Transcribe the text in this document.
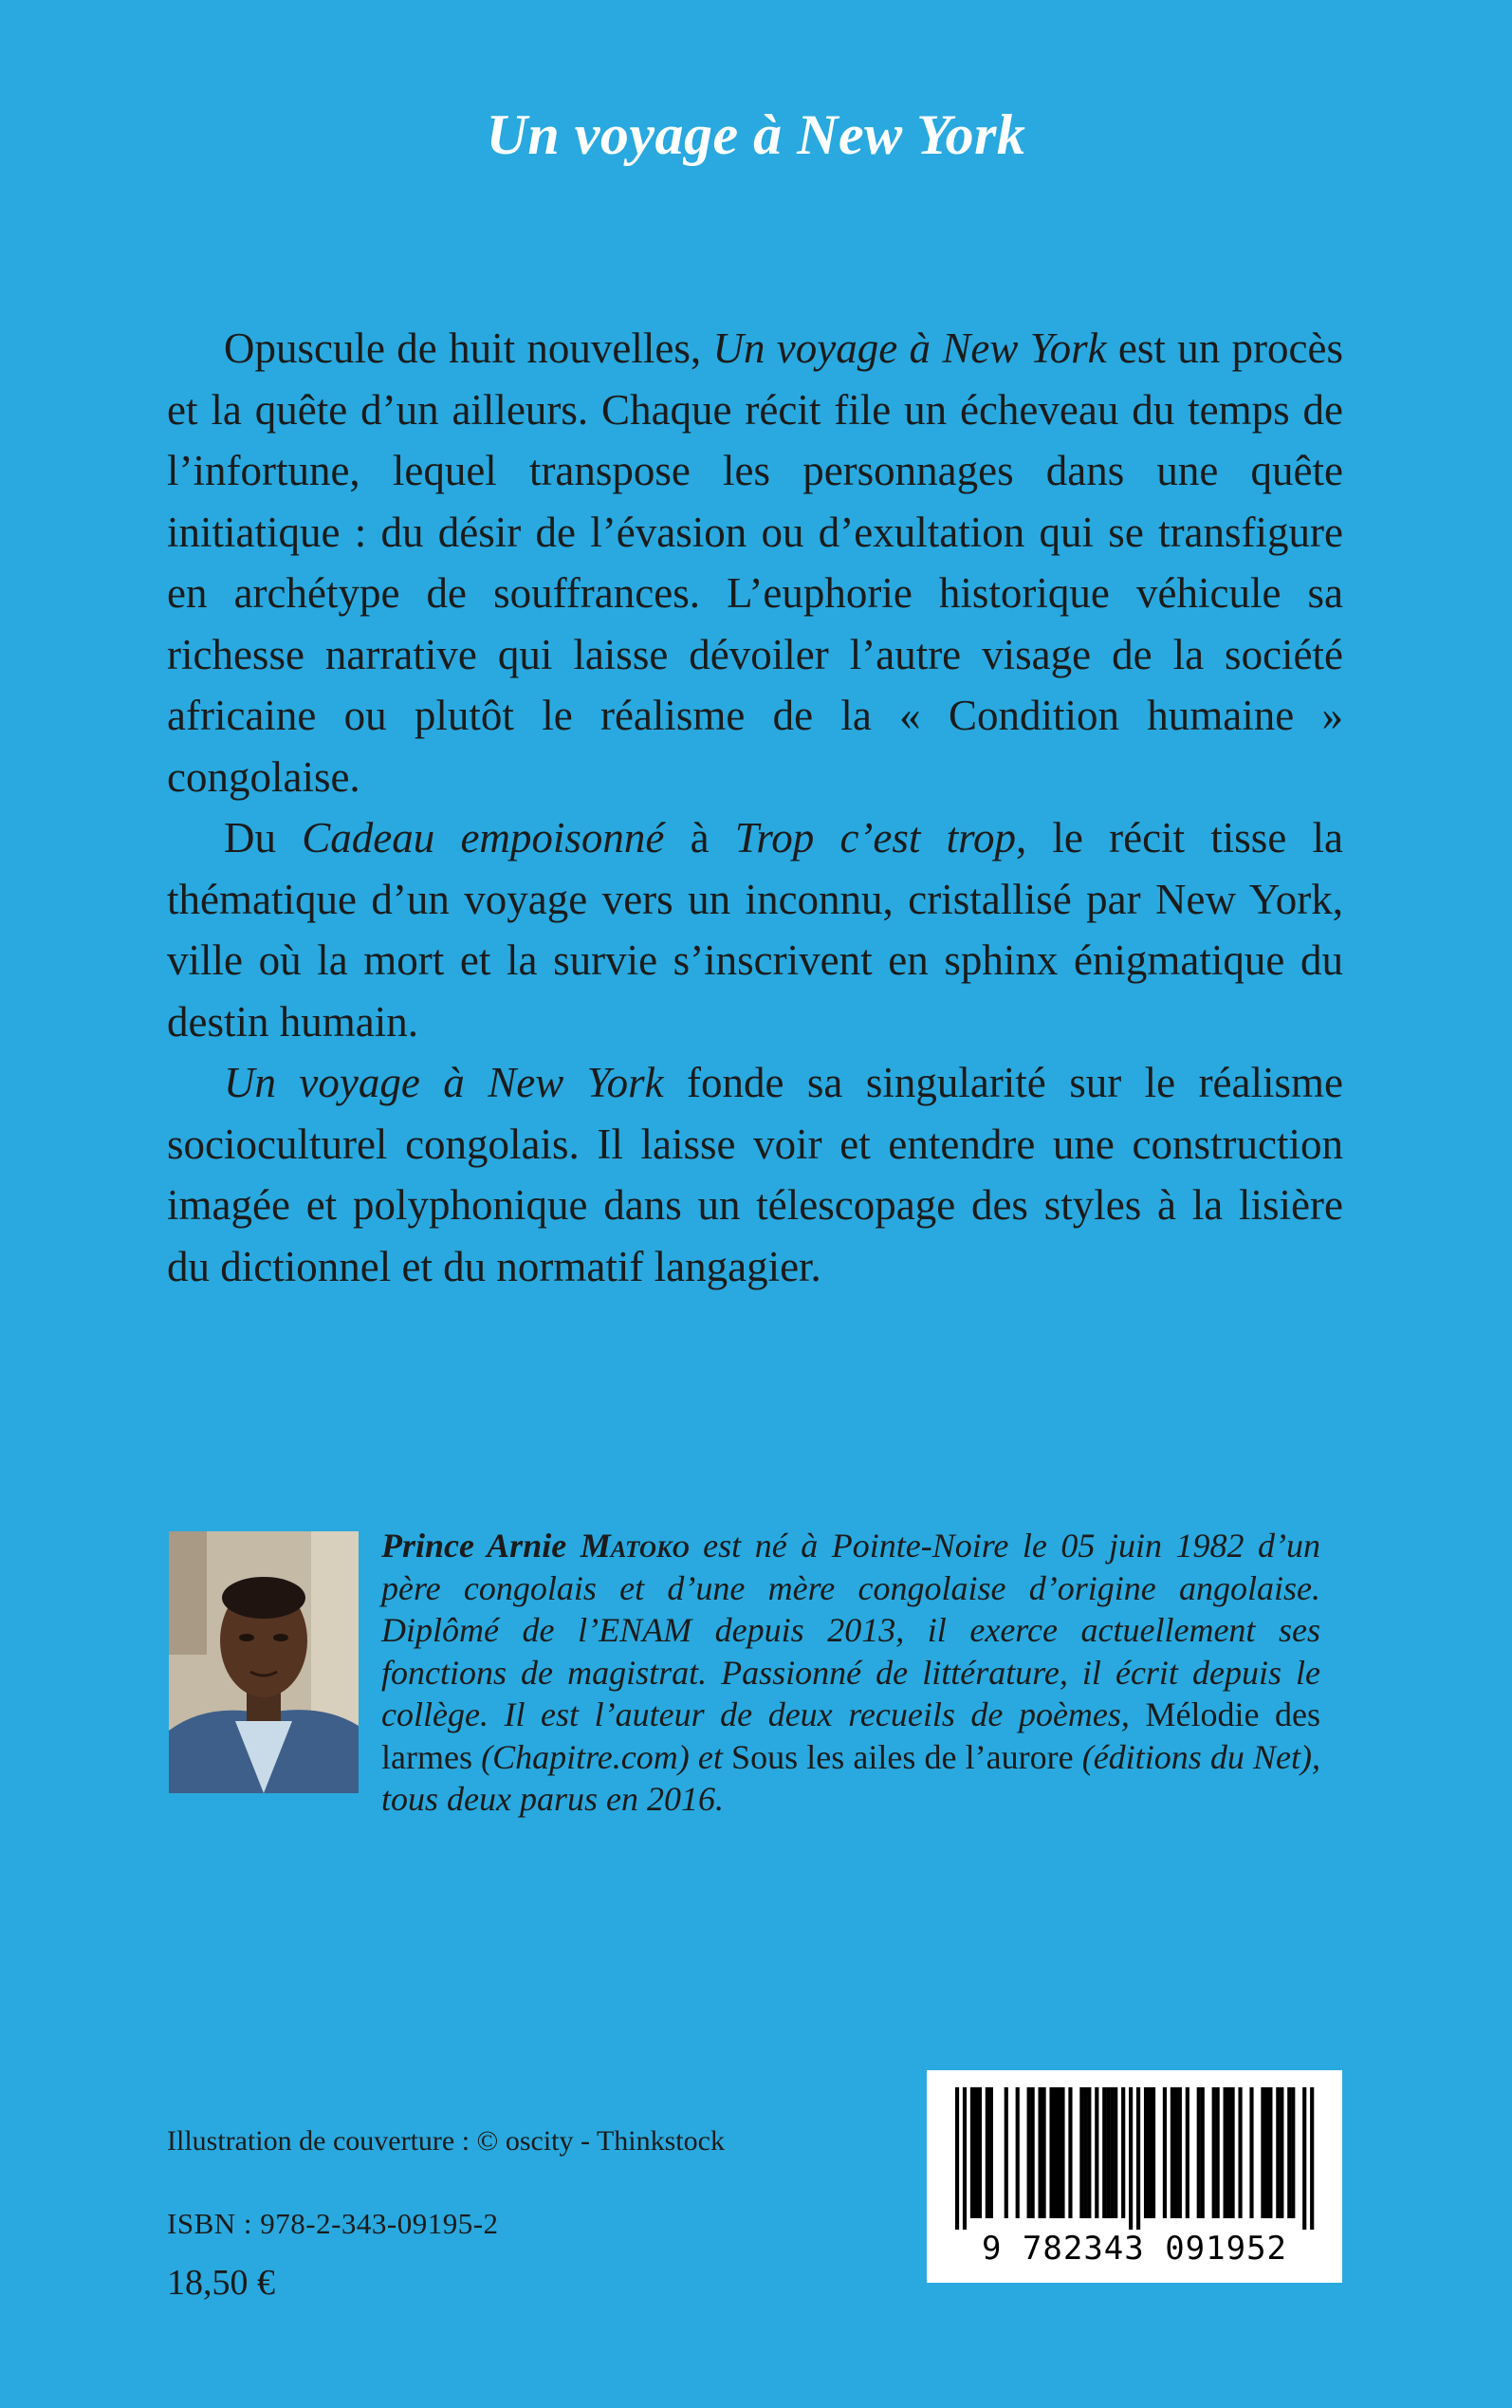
Un voyage à New York

Opuscule de huit nouvelles, Un voyage à New York est un procès et la quête d’un ailleurs. Chaque récit file un écheveau du temps de l’infortune, lequel transpose les personnages dans une quête initiatique : du désir de l’évasion ou d’exultation qui se transfigure en archétype de souffrances. L’euphorie historique véhicule sa richesse narrative qui laisse dévoiler l’autre visage de la société africaine ou plutôt le réalisme de la « Condition humaine » congolaise.

Du Cadeau empoisonné à Trop c’est trop, le récit tisse la thématique d’un voyage vers un inconnu, cristallisé par New York, ville où la mort et la survie s’inscrivent en sphinx énigmatique du destin humain.

Un voyage à New York fonde sa singularité sur le réalisme socioculturel congolais. Il laisse voir et entendre une construction imagée et polyphonique dans un télescopage des styles à la lisière du dictionnel et du normatif langagier.

Prince Arnie Matoko est né à Pointe-Noire le 05 juin 1982 d’un père congolais et d’une mère congolaise d’origine angolaise. Diplômé de l’ENAM depuis 2013, il exerce actuellement ses fonctions de magistrat. Passionné de littérature, il écrit depuis le collège. Il est l’auteur de deux recueils de poèmes, Mélodie des larmes (Chapitre.com) et Sous les ailes de l’aurore (éditions du Net), tous deux parus en 2016.
Illustration de couverture : © oscity - Thinkstock
ISBN : 978-2-343-09195-2
18,50 €
9 782343 091952
